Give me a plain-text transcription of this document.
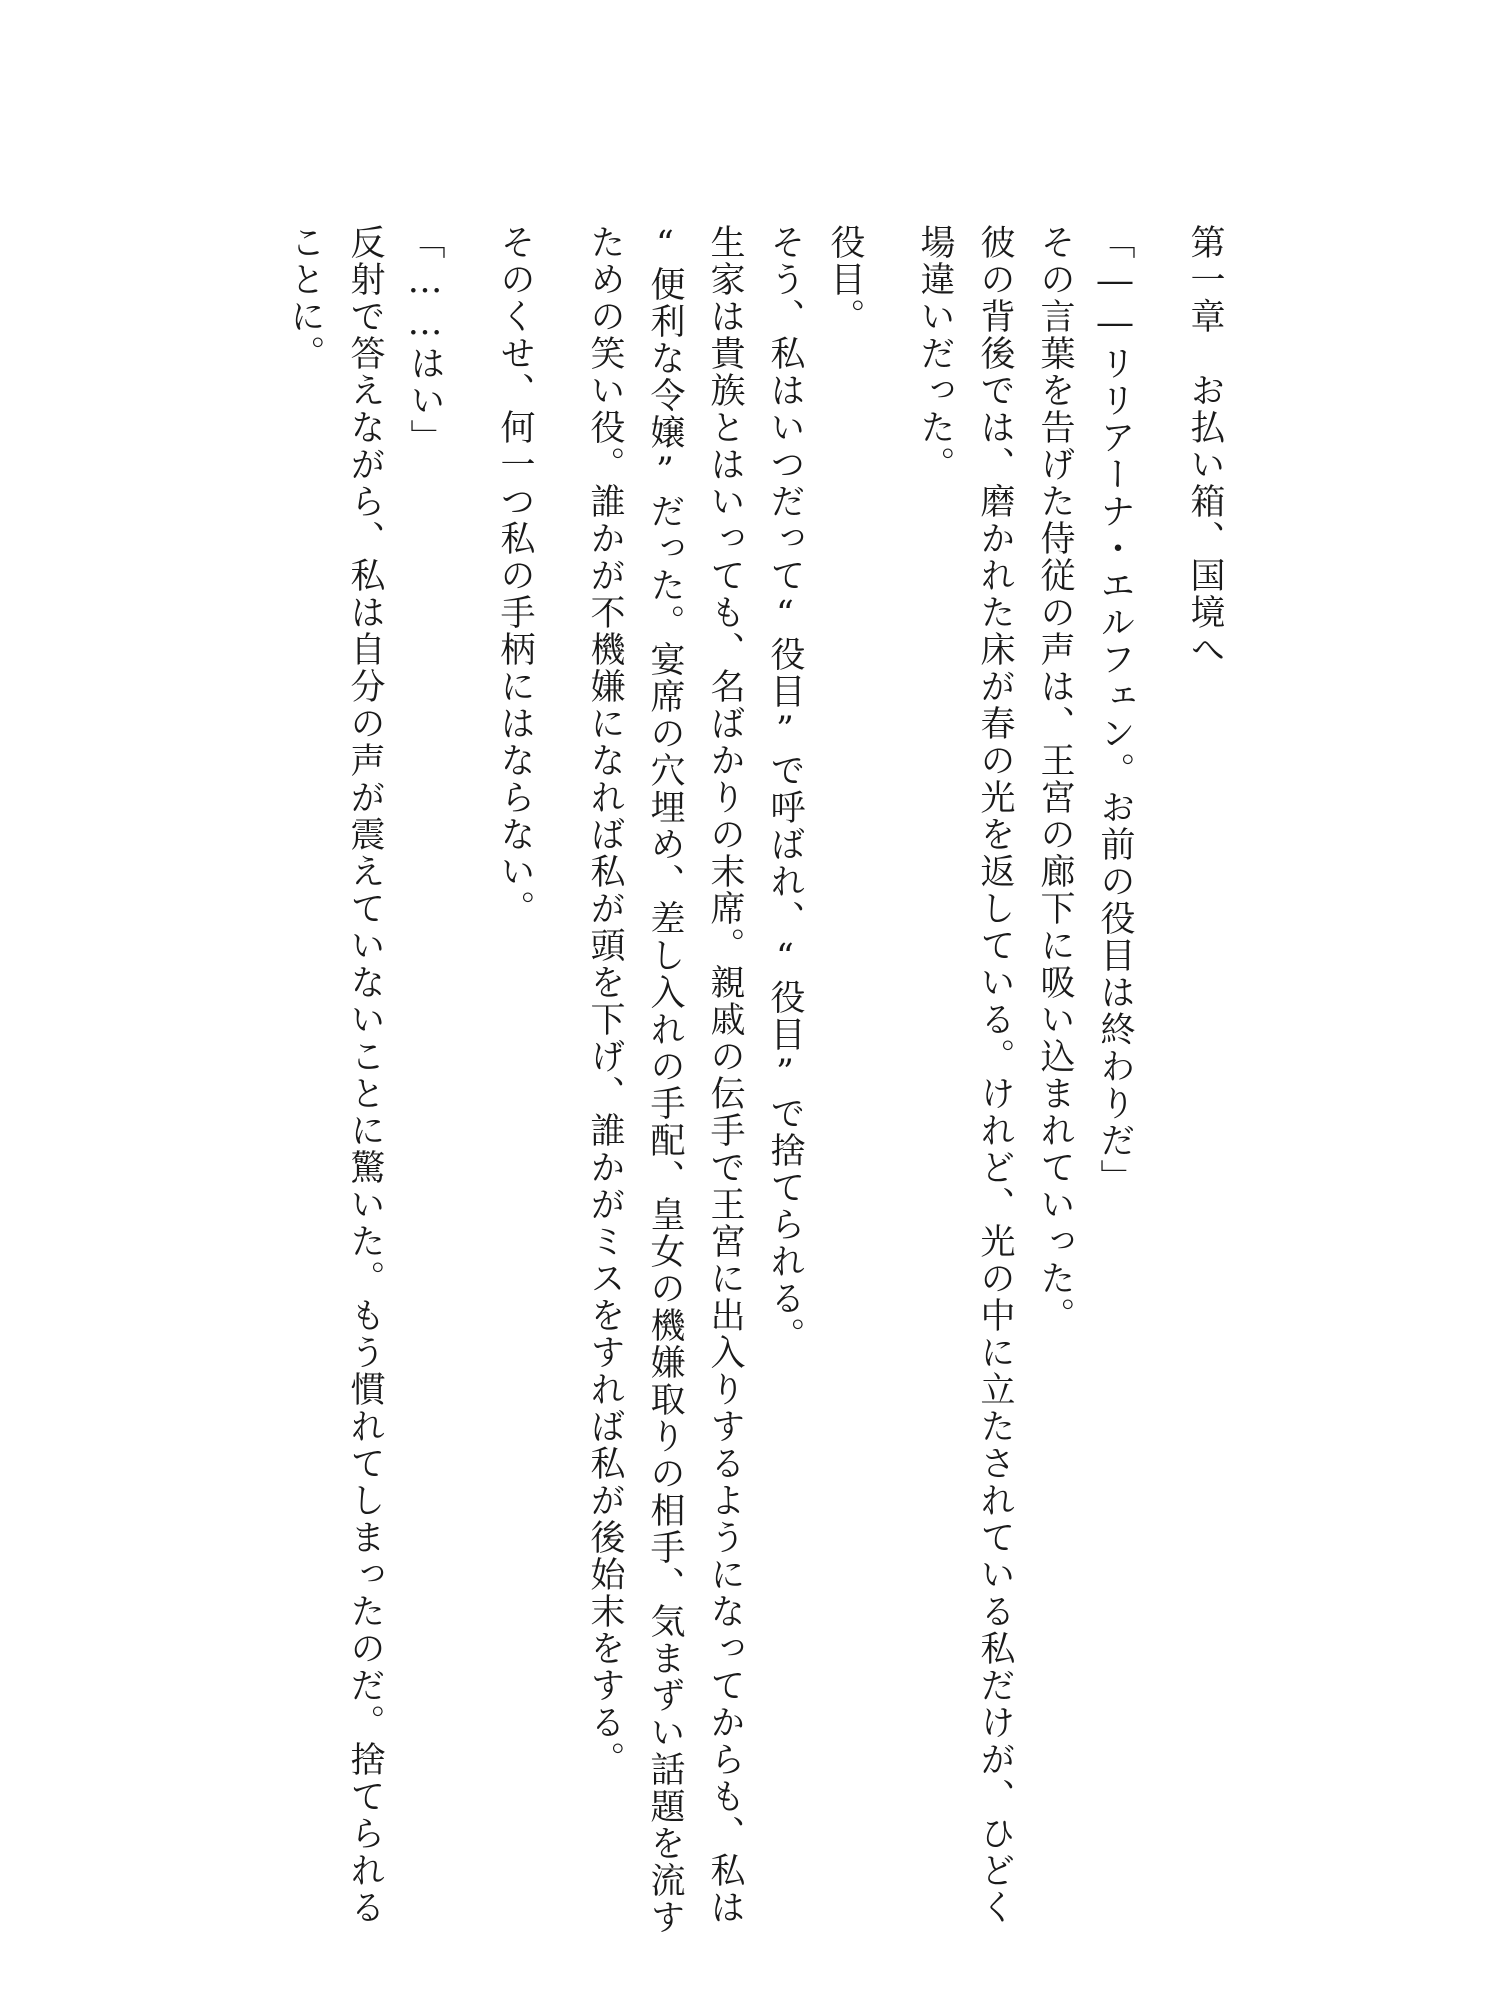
第一章　お払い箱、国境へ
「――リリアーナ・エルフェン。お前の役目は終わりだ」
その言葉を告げた侍従の声は、王宮の廊下に吸い込まれていった。
彼の背後では、磨かれた床が春の光を返している。けれど、光の中に立たされている私だけが、ひどく
場違いだった。
役目。
そう、私はいつだって“役目”で呼ばれ、“役目”で捨てられる。
生家は貴族とはいっても、名ばかりの末席。親戚の伝手で王宮に出入りするようになってからも、私は
“便利な令嬢”だった。宴席の穴埋め、差し入れの手配、皇女の機嫌取りの相手、気まずい話題を流す
ための笑い役。誰かが不機嫌になれば私が頭を下げ、誰かがミスをすれば私が後始末をする。
そのくせ、何一つ私の手柄にはならない。
「……はい」
反射で答えながら、私は自分の声が震えていないことに驚いた。もう慣れてしまったのだ。捨てられる
ことに。
